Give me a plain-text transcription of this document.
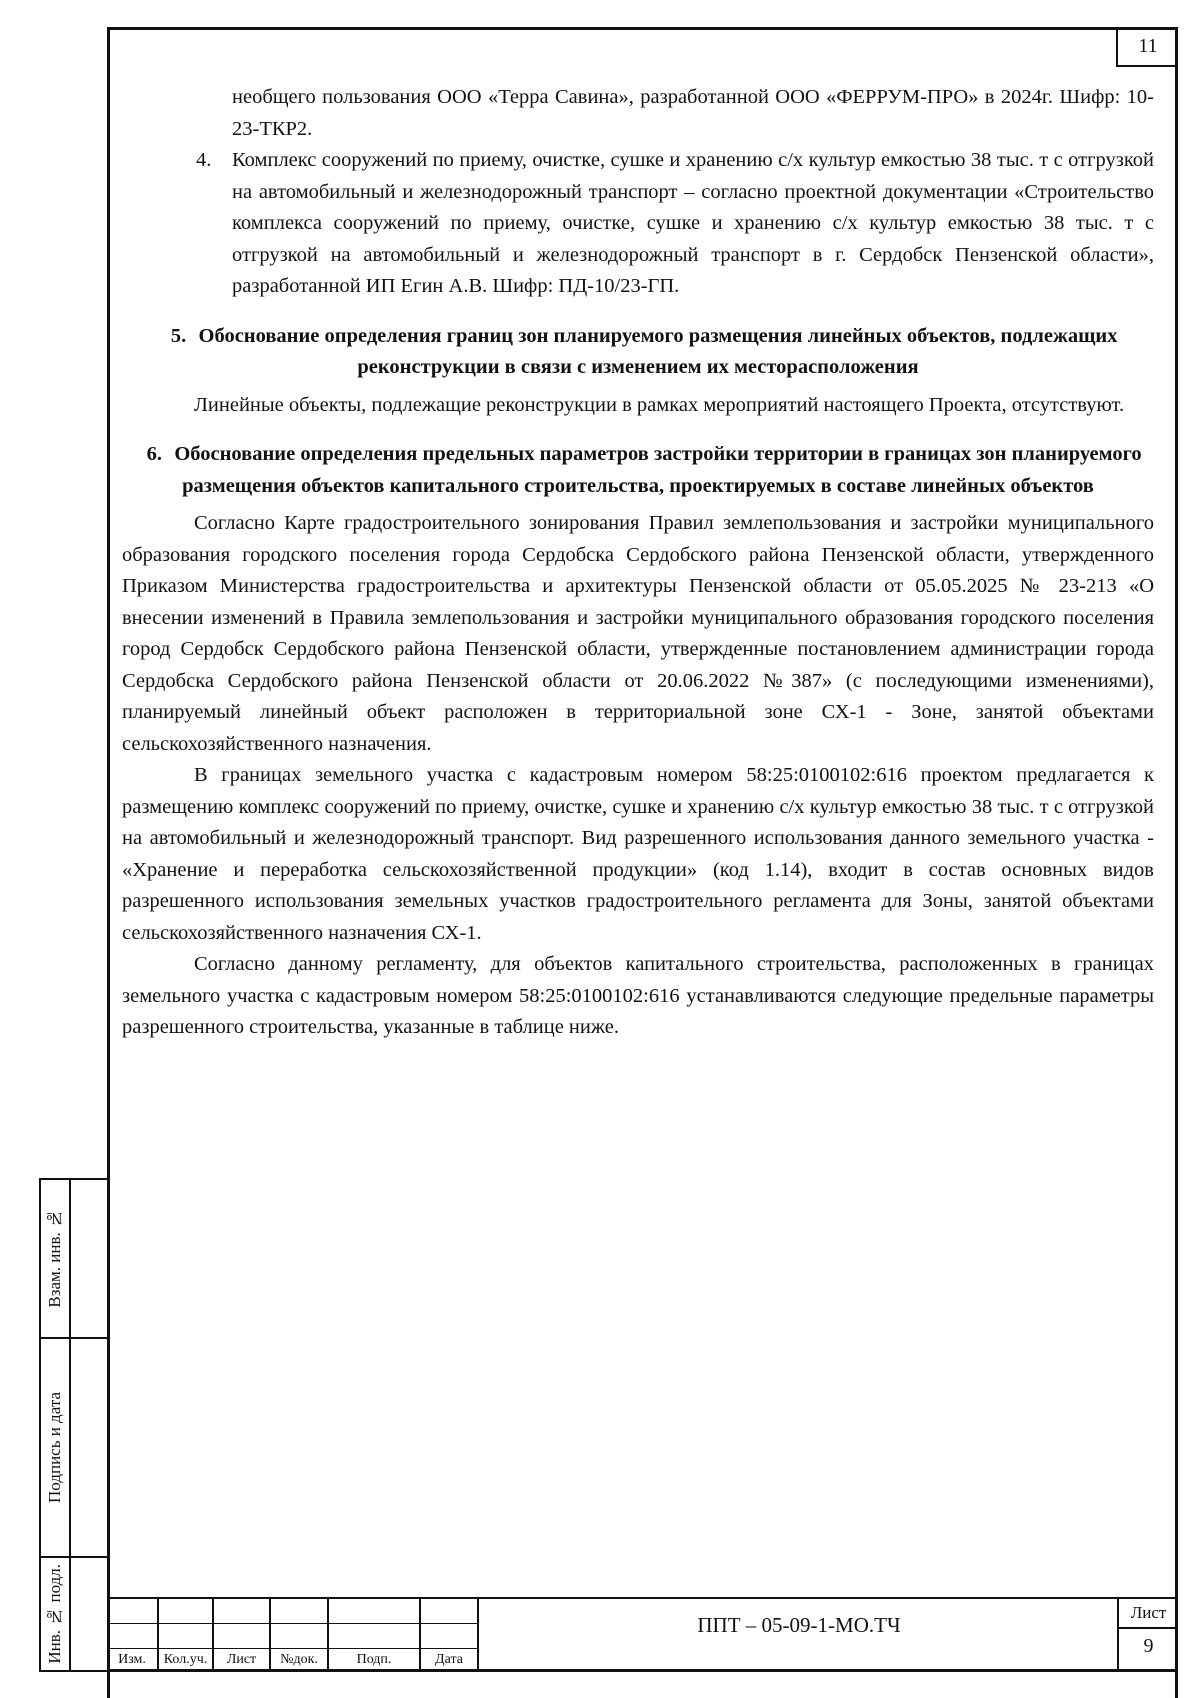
11
необщего пользования ООО «Терра Савина», разработанной ООО «ФЕРРУМ-ПРО» в 2024г. Шифр: 10-23-ТКР2.
4. Комплекс сооружений по приему, очистке, сушке и хранению с/х культур емкостью 38 тыс. т с отгрузкой на автомобильный и железнодорожный транспорт – согласно проектной документации «Строительство комплекса сооружений по приему, очистке, сушке и хранению с/х культур емкостью 38 тыс. т с отгрузкой на автомобильный и железнодорожный транспорт в г. Сердобск Пензенской области», разработанной ИП Егин А.В. Шифр: ПД-10/23-ГП.
5. Обоснование определения границ зон планируемого размещения линейных объектов, подлежащих реконструкции в связи с изменением их месторасположения
Линейные объекты, подлежащие реконструкции в рамках мероприятий настоящего Проекта, отсутствуют.
6. Обоснование определения предельных параметров застройки территории в границах зон планируемого размещения объектов капитального строительства, проектируемых в составе линейных объектов
Согласно Карте градостроительного зонирования Правил землепользования и застройки муниципального образования городского поселения города Сердобска Сердобского района Пензенской области, утвержденного Приказом Министерства градостроительства и архитектуры Пензенской области от 05.05.2025 № 23-213 «О внесении изменений в Правила землепользования и застройки муниципального образования городского поселения город Сердобск Сердобского района Пензенской области, утвержденные постановлением администрации города Сердобска Сердобского района Пензенской области от 20.06.2022 №387» (с последующими изменениями), планируемый линейный объект расположен в территориальной зоне СХ-1 - Зоне, занятой объектами сельскохозяйственного назначения.
В границах земельного участка с кадастровым номером 58:25:0100102:616 проектом предлагается к размещению комплекс сооружений по приему, очистке, сушке и хранению с/х культур емкостью 38 тыс. т с отгрузкой на автомобильный и железнодорожный транспорт. Вид разрешенного использования данного земельного участка - «Хранение и переработка сельскохозяйственной продукции» (код 1.14), входит в состав основных видов разрешенного использования земельных участков градостроительного регламента для Зоны, занятой объектами сельскохозяйственного назначения СХ-1.
Согласно данному регламенту, для объектов капитального строительства, расположенных в границах земельного участка с кадастровым номером 58:25:0100102:616 устанавливаются следующие предельные параметры разрешенного строительства, указанные в таблице ниже.
Взам. инв. №
Подпись и дата
Инв. № подл.	Изм.	Кол.уч.	Лист	№док.	Подп.	Дата
ППТ – 05-09-1-МО.ТЧ
Лист
9
